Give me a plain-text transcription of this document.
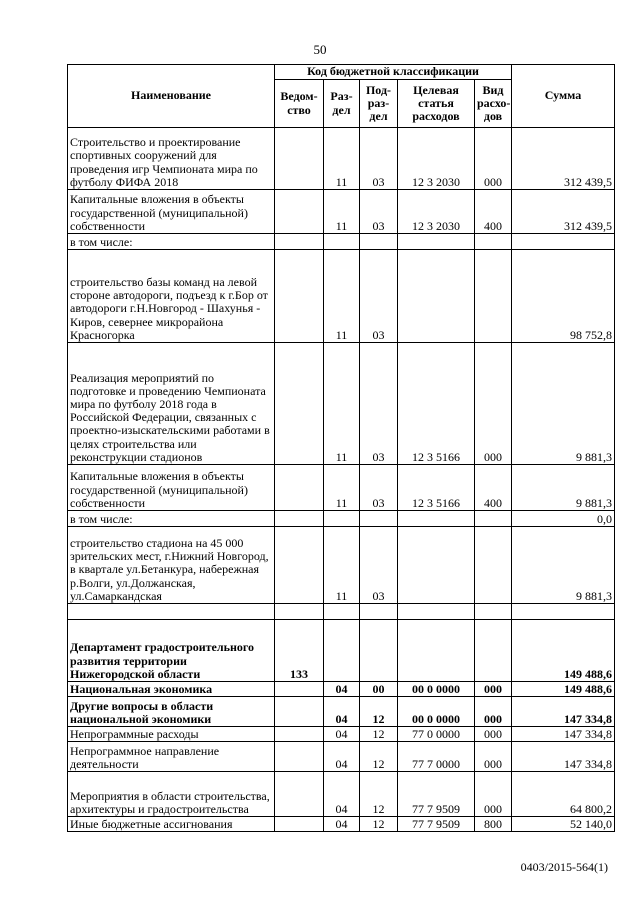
50
Наименование	Код бюджетной классификации					Сумма
	Ведом-ство	Раз-дел	Под-раз-дел	Целевая статья расходов	Вид расхо-дов	
Строительство и проектирование спортивных сооружений для проведения игр Чемпионата мира по футболу ФИФА 2018		11	03	12 3 2030	000	312 439,5
Капитальные вложения в объекты государственной (муниципальной) собственности		11	03	12 3 2030	400	312 439,5
в том числе:						
строительство базы команд на левой стороне автодороги, подъезд к г.Бор от автодороги г.Н.Новгород - Шахунья - Киров, севернее микрорайона Красногорка		11	03			98 752,8
Реализация мероприятий по подготовке и проведению Чемпионата мира по футболу 2018 года в Российской Федерации, связанных с проектно-изыскательскими работами в целях строительства или реконструкции стадионов		11	03	12 3 5166	000	9 881,3
Капитальные вложения в объекты государственной (муниципальной) собственности		11	03	12 3 5166	400	9 881,3
в том числе:						0,0
строительство стадиона на 45 000 зрительских мест, г.Нижний Новгород, в квартале ул.Бетанкура, набережная р.Волги, ул.Должанская, ул.Самаркандская		11	03			9 881,3

Департамент градостроительного развития территории Нижегородской области	133					149 488,6
Национальная экономика		04	00	00 0 0000	000	149 488,6
Другие вопросы в области национальной экономики		04	12	00 0 0000	000	147 334,8
Непрограммные расходы		04	12	77 0 0000	000	147 334,8
Непрограммное направление деятельности		04	12	77 7 0000	000	147 334,8
Мероприятия в области строительства, архитектуры и градостроительства		04	12	77 7 9509	000	64 800,2
Иные бюджетные ассигнования		04	12	77 7 9509	800	52 140,0
0403/2015-564(1)
